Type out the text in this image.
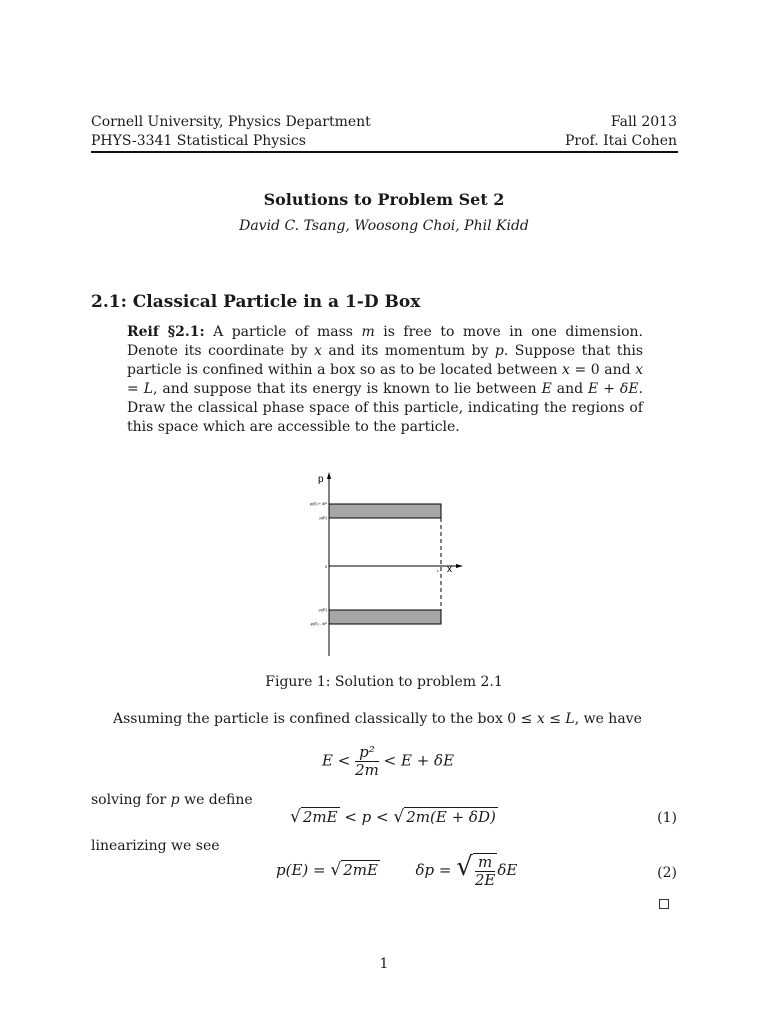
Cornell University, Physics Department
PHYS-3341 Statistical Physics
Fall 2013
Prof. Itai Cohen
Solutions to Problem Set 2
David C. Tsang, Woosong Choi, Phil Kidd
2.1: Classical Particle in a 1-D Box
Reif §2.1: A particle of mass m is free to move in one dimension. Denote its coordinate by x and its momentum by p. Suppose that this particle is confined within a box so as to be located between x = 0 and x = L, and suppose that its energy is known to lie between E and E + δE. Draw the classical phase space of this particle, indicating the regions of this space which are accessible to the particle.
p
x
p(E) + dP
p(E)
0
L
-p(E)
-p(E) - dP
Figure 1: Solution to problem 2.1
Assuming the particle is confined classically to the box 0 ≤ x ≤ L, we have
$E < \frac{\text{p²}}{2m} < E + \delta E$
solving for p we define
√ 2mE < p < √ 2m(E + δD)	(1)
linearizing we see
p(E) = √ 2mE	δp = √ $\frac{m}{2E}$ δE	(2)
1
